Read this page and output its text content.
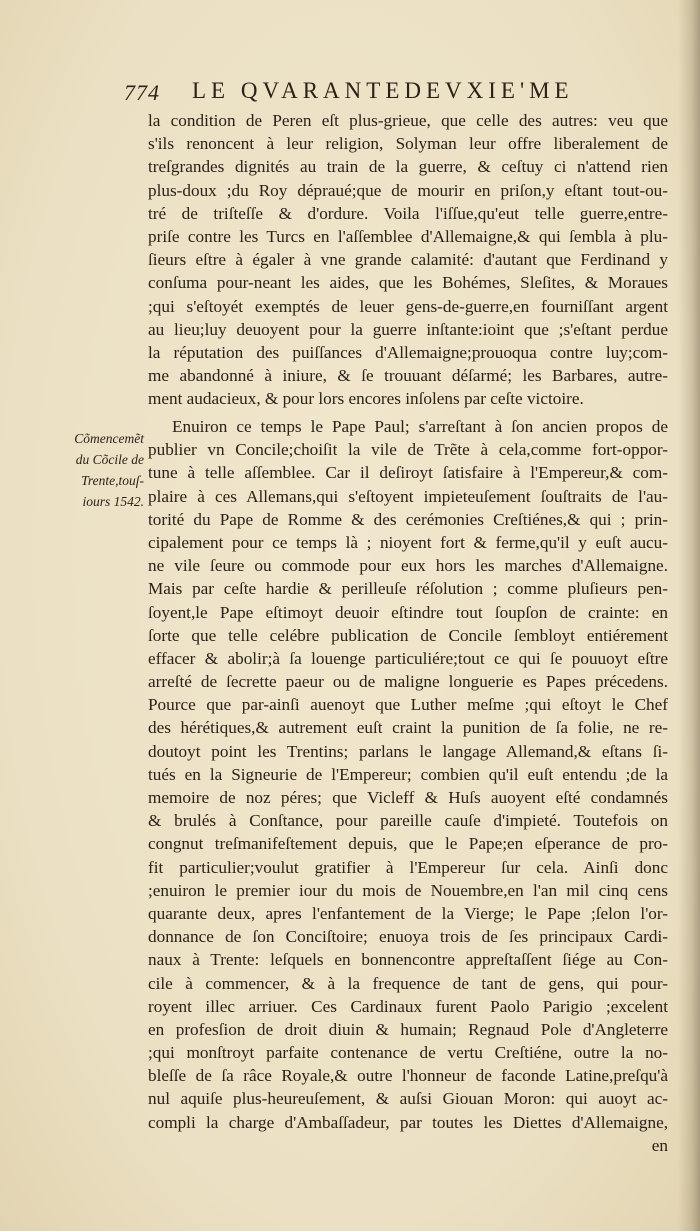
774 LE QVARANTEDEVXIE'ME
la condition de Peren eſt plus-grieue, que celle des autres: veu que
s'ils renoncent à leur religion, Solyman leur offre liberalement de
treſgrandes dignités au train de la guerre, & ceſtuy ci n'attend rien
plus-doux ;du Roy dépraué;que de mourir en priſon,y eſtant tout-ou-
tré de triſteſſe & d'ordure. Voila l'iſſue,qu'eut telle guerre,entre-
priſe contre les Turcs en l'aſſemblee d'Allemaigne,& qui ſembla à plu-
ſieurs eſtre à égaler à vne grande calamité: d'autant que Ferdinand y
conſuma pour-neant les aides, que les Bohémes, Sleſites, & Moraues
;qui s'eſtoyét exemptés de leuer gens-de-guerre,en fourniſſant argent
au lieu;luy deuoyent pour la guerre inſtante:ioint que ;s'eſtant perdue
la réputation des puiſſances d'Allemaigne;prouoqua contre luy;com-
me abandonné à iniure, & ſe trouuant déſarmé; les Barbares, autre-
ment audacieux, & pour lors encores inſolens par ceſte victoire.
Cõmencemẽt
du Cõcile de
Trente,touſ-
iours 1542.
Enuiron ce temps le Pape Paul; s'arreſtant à ſon ancien propos de
publier vn Concile;choiſit la vile de Trẽte à cela,comme fort-oppor-
tune à telle aſſemblee. Car il deſiroyt ſatisfaire à l'Empereur,& com-
plaire à ces Allemans,qui s'eſtoyent impieteuſement ſouſtraits de l'au-
torité du Pape de Romme & des cerémonies Creſtiénes,& qui ; prin-
cipalement pour ce temps là ; nioyent fort & ferme,qu'il y euſt aucu-
ne vile ſeure ou commode pour eux hors les marches d'Allemaigne.
Mais par ceſte hardie & perilleuſe réſolution ; comme pluſieurs pen-
ſoyent,le Pape eſtimoyt deuoir eſtindre tout ſoupſon de crainte: en
ſorte que telle celébre publication de Concile ſembloyt entiérement
effacer & abolir;à ſa louenge particuliére;tout ce qui ſe pouuoyt eſtre
arreſté de ſecrette paeur ou de maligne longuerie es Papes précedens.
Pource que par-ainſi auenoyt que Luther meſme ;qui eſtoyt le Chef
des hérétiques,& autrement euſt craint la punition de ſa folie, ne re-
doutoyt point les Trentins; parlans le langage Allemand,& eſtans ſi-
tués en la Signeurie de l'Empereur; combien qu'il euſt entendu ;de la
memoire de noz péres; que Vicleff & Huſs auoyent eſté condamnés
& brulés à Conſtance, pour pareille cauſe d'impieté. Toutefois on
congnut treſmanifeſtement depuis, que le Pape;en eſperance de pro-
fit particulier;voulut gratifier à l'Empereur ſur cela. Ainſi donc
;enuiron le premier iour du mois de Nouembre,en l'an mil cinq cens
quarante deux, apres l'enfantement de la Vierge; le Pape ;ſelon l'or-
donnance de ſon Conciſtoire; enuoya trois de ſes principaux Cardi-
naux à Trente: leſquels en bonnencontre appreſtaſſent ſiége au Con-
cile à commencer, & à la frequence de tant de gens, qui pour-
royent illec arriuer. Ces Cardinaux furent Paolo Parigio ;excelent
en profesſion de droit diuin & humain; Regnaud Pole d'Angleterre
;qui monſtroyt parfaite contenance de vertu Creſtiéne, outre la no-
bleſſe de ſa râce Royale,& outre l'honneur de faconde Latine,preſqu'à
nul aquiſe plus-heureuſement, & auſsi Giouan Moron: qui auoyt ac-
compli la charge d'Ambaſſadeur, par toutes les Diettes d'Allemaigne,
en
